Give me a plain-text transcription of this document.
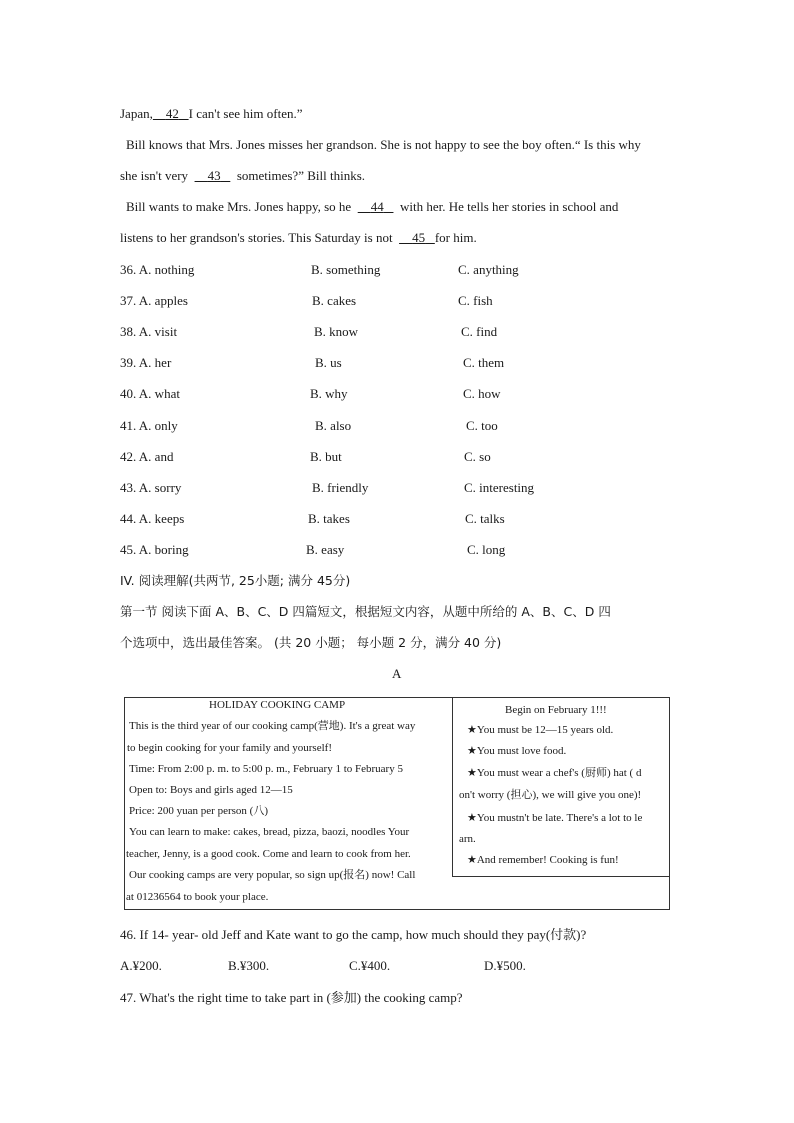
Japan, 42 I can't see him often.”
Bill knows that Mrs. Jones misses her grandson. She is not happy to see the boy often.“ Is this why
she isn't very 43 sometimes?” Bill thinks.
Bill wants to make Mrs. Jones happy, so he 44 with her. He tells her stories in school and
listens to her grandson's stories. This Saturday is not 45 for him.
36. A. nothing	B. something	C. anything
37. A. apples	B. cakes	C. fish
38. A. visit	B. know	C. find
39. A. her	B. us	C. them
40. A. what	B. why	C. how
41. A. only	B. also	C. too
42. A. and	B. but	C. so
43. A. sorry	B. friendly	C. interesting
44. A. keeps	B. takes	C. talks
45. A. boring	B. easy	C. long
IV. 阅读理解(共两节, 25小题; 满分 45分)
第一节 阅读下面 A、B、C、D 四篇短文，根据短文内容，从题中所给的 A、B、C、D 四
个选项中，选出最佳答案。 (共 20 小题； 每小题 2 分，满分 40 分)
A
HOLIDAY COOKING CAMP
This is the third year of our cooking camp(营地). It's a great way
to begin cooking for your family and yourself!
Time: From 2:00 p. m. to 5:00 p. m., February 1 to February 5
Open to: Boys and girls aged 12—15
Price: 200 yuan per person (八)
You can learn to make: cakes, bread, pizza, baozi, noodles Your
teacher, Jenny, is a good cook. Come and learn to cook from her.
Our cooking camps are very popular, so sign up(报名) now! Call
at 01236564 to book your place.
Begin on February 1!!!
★You must be 12—15 years old.
★You must love food.
★You must wear a chef's (厨师) hat ( d
on't worry (担心), we will give you one)!
★You mustn't be late. There's a lot to le
arn.
★And remember! Cooking is fun!
46. If 14- year- old Jeff and Kate want to go the camp, how much should they pay(付款)?
A.¥200.	B.¥300.	C.¥400.	D.¥500.
47. What's the right time to take part in (参加) the cooking camp?
